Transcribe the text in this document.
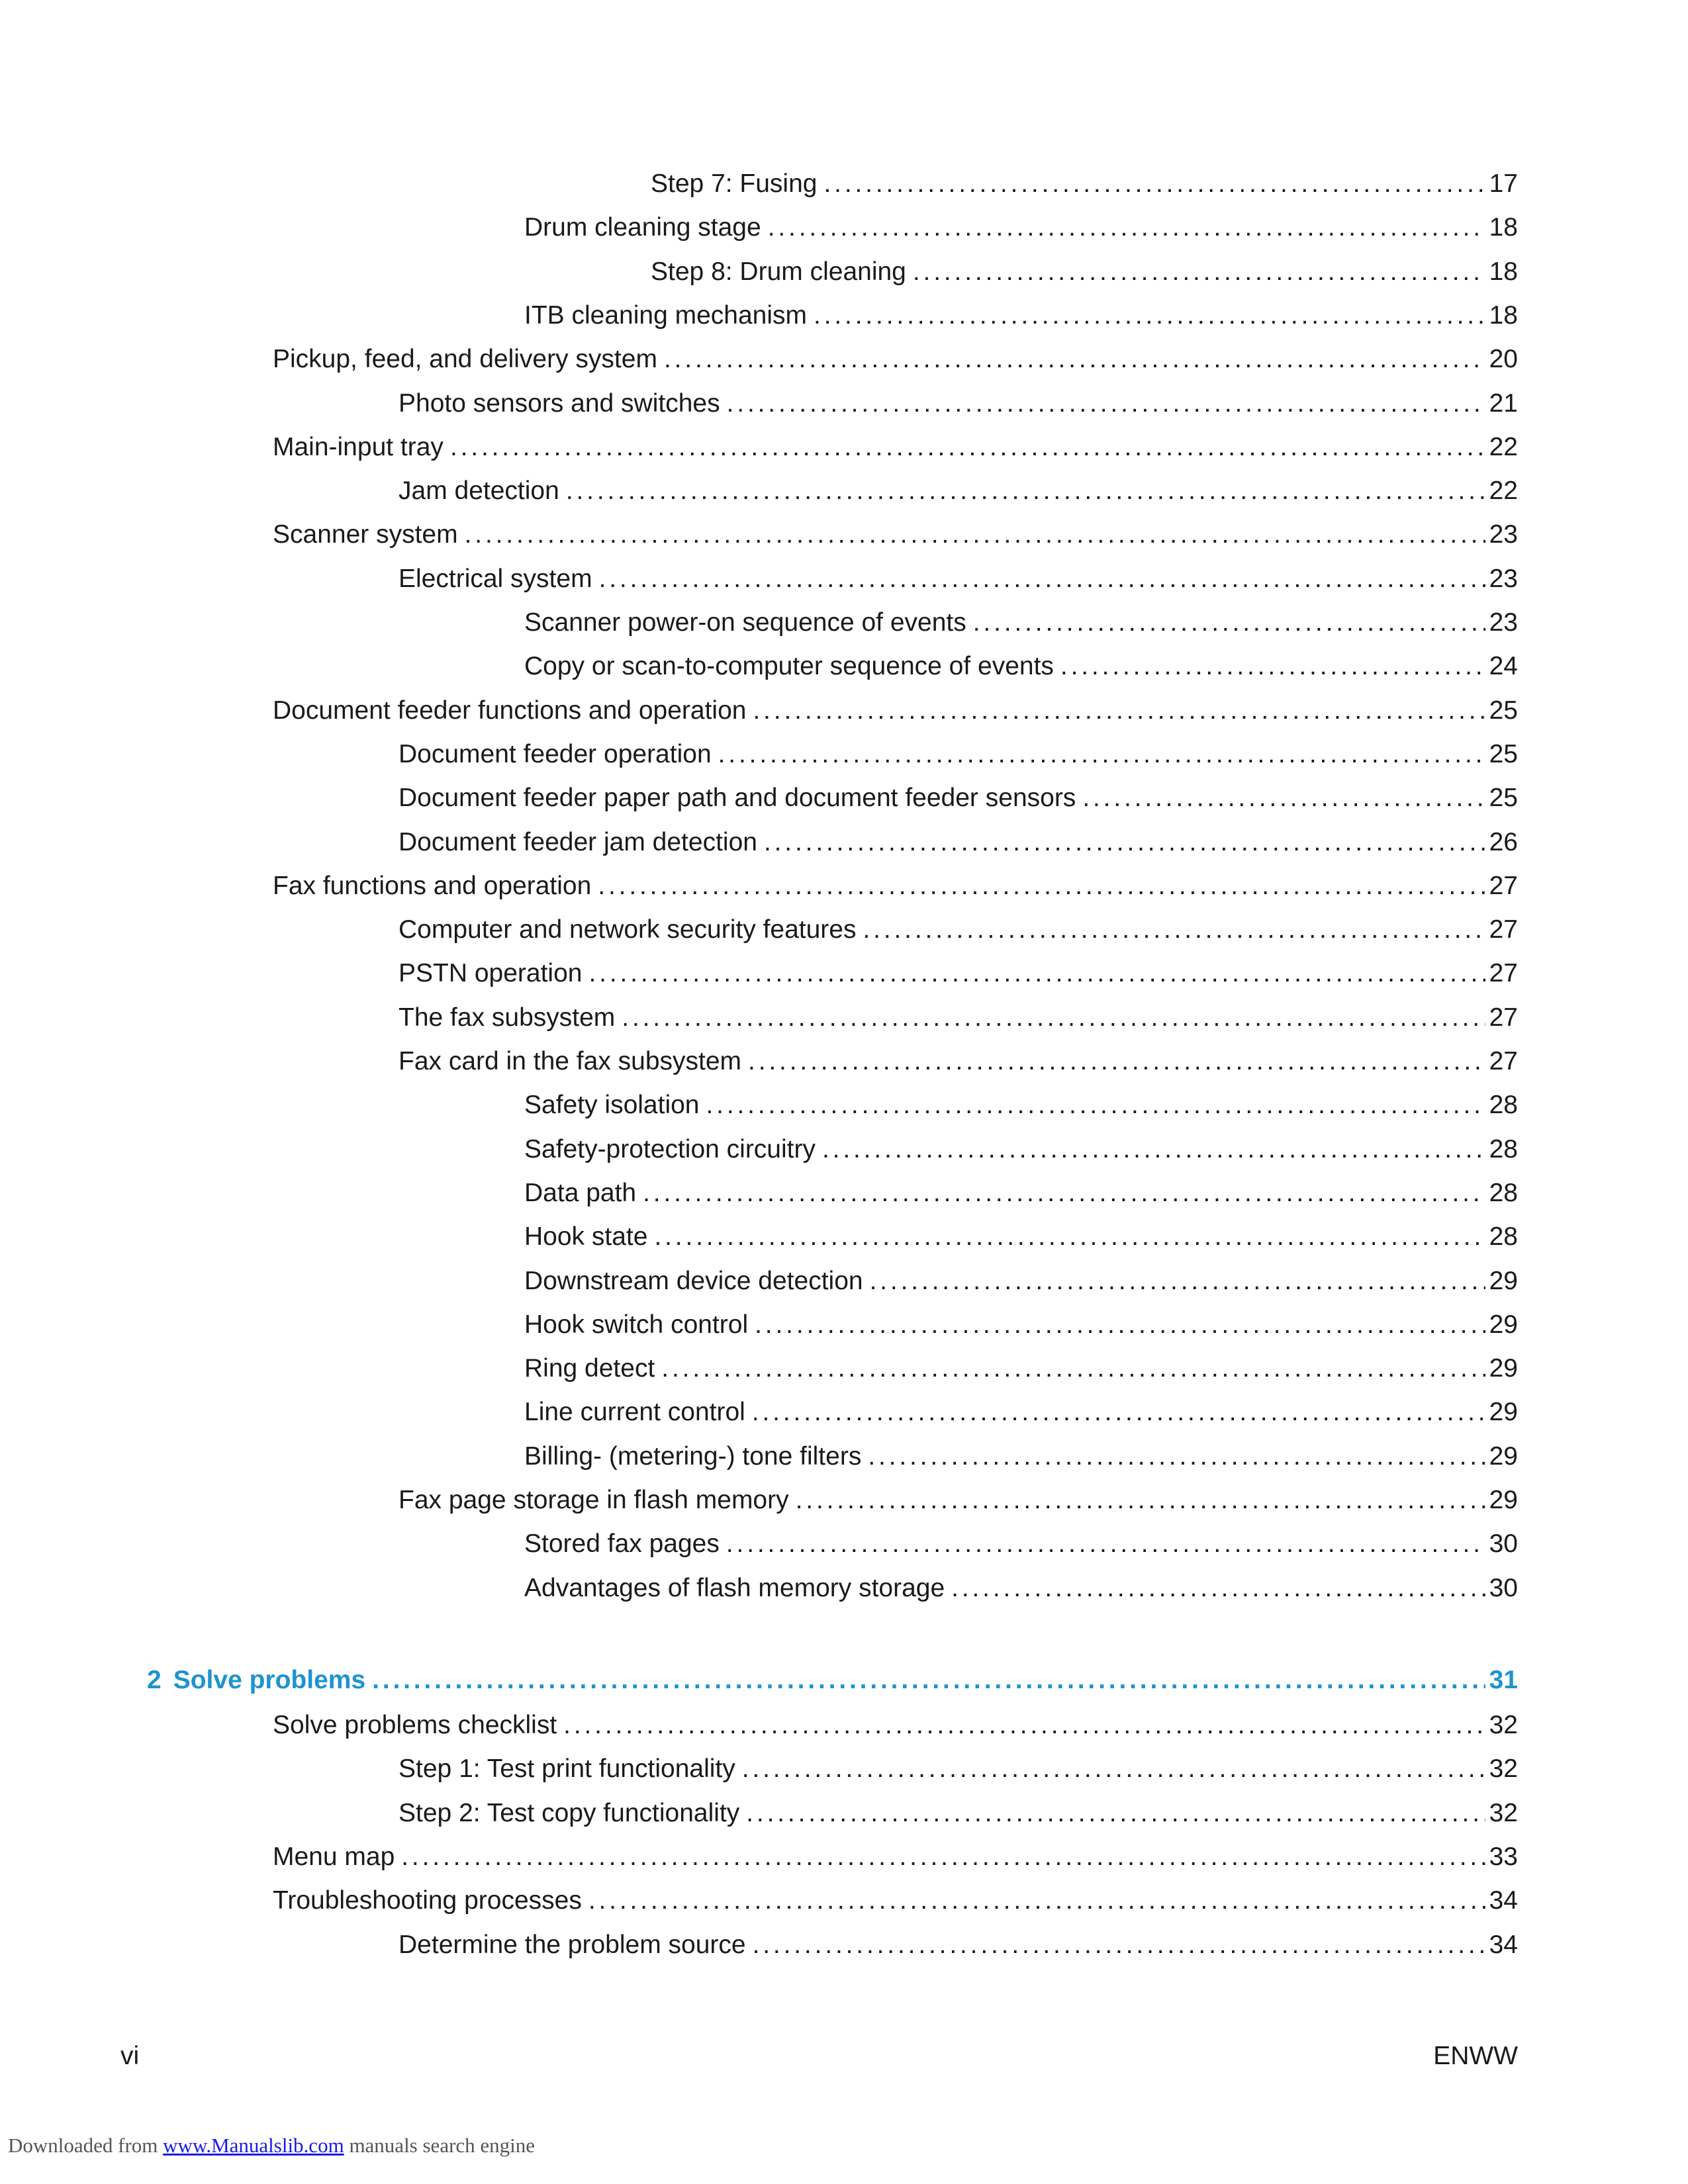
Step 7: Fusing . . .	17
Drum cleaning stage . . .	18
Step 8: Drum cleaning . . .	18
ITB cleaning mechanism . . .	18
Pickup, feed, and delivery system . . .	20
Photo sensors and switches . . .	21
Main-input tray . . .	22
Jam detection . . .	22
Scanner system . . .	23
Electrical system . . .	23
Scanner power-on sequence of events . . .	23
Copy or scan-to-computer sequence of events . . .	24
Document feeder functions and operation . . .	25
Document feeder operation . . .	25
Document feeder paper path and document feeder sensors . . .	25
Document feeder jam detection . . .	26
Fax functions and operation . . .	27
Computer and network security features . . .	27
PSTN operation . . .	27
The fax subsystem . . .	27
Fax card in the fax subsystem . . .	27
Safety isolation . . .	28
Safety-protection circuitry . . .	28
Data path . . .	28
Hook state . . .	28
Downstream device detection . . .	29
Hook switch control . . .	29
Ring detect . . .	29
Line current control . . .	29
Billing- (metering-) tone filters . . .	29
Fax page storage in flash memory . . .	29
Stored fax pages . . .	30
Advantages of flash memory storage . . .	30
2 Solve problems . . .	31
Solve problems checklist . . .	32
Step 1: Test print functionality . . .	32
Step 2: Test copy functionality . . .	32
Menu map . . .	33
Troubleshooting processes . . .	34
Determine the problem source . . .	34
vi	ENWW
Downloaded from www.Manualslib.com manuals search engine
